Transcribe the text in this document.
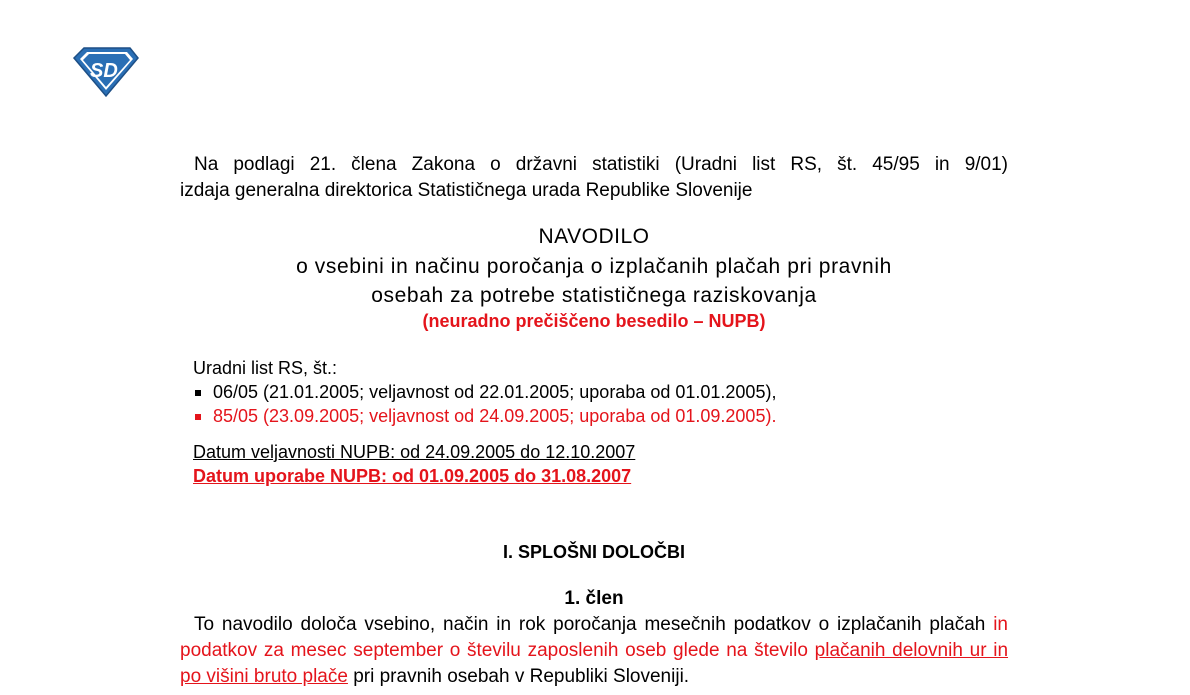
SD

Na podlagi 21. člena Zakona o državni statistiki (Uradni list RS, št. 45/95 in 9/01)
izdaja generalna direktorica Statističnega urada Republike Slovenije

NAVODILO
o vsebini in načinu poročanja o izplačanih plačah pri pravnih
osebah za potrebe statističnega raziskovanja
(neuradno prečiščeno besedilo – NUPB)
Uradni list RS, št.:
06/05 (21.01.2005; veljavnost od 22.01.2005; uporaba od 01.01.2005),
85/05 (23.09.2005; veljavnost od 24.09.2005; uporaba od 01.09.2005).
Datum veljavnosti NUPB: od 24.09.2005 do 12.10.2007
Datum uporabe NUPB: od 01.09.2005 do 31.08.2007
I. SPLOŠNI DOLOČBI
1. člen

To navodilo določa vsebino, način in rok poročanja mesečnih podatkov o izplačanih plačah in podatkov za mesec september o številu zaposlenih oseb glede na število plačanih delovnih ur in po višini bruto plače pri pravnih osebah v Republiki Sloveniji.
